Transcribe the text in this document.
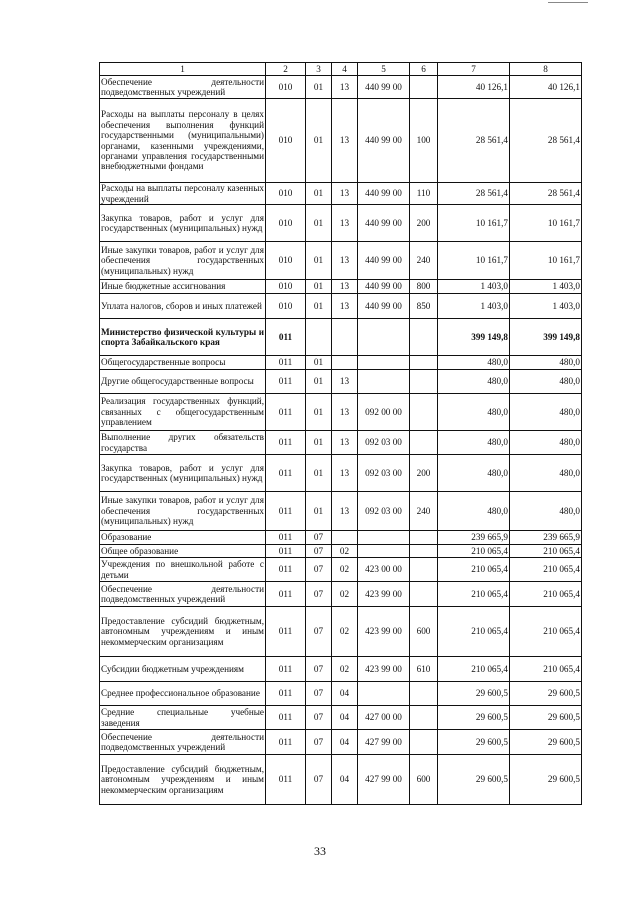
1	2	3	4	5	6	7	8
Обеспечение деятельности подведомственных учреждений	010	01	13	440 99 00		40 126,1	40 126,1
Расходы на выплаты персоналу в целях обеспечения выполнения функций государственными (муниципальными) органами, казенными учреждениями, органами управления государственными внебюджетными фондами	010	01	13	440 99 00	100	28 561,4	28 561,4
Расходы на выплаты персоналу казенных учреждений	010	01	13	440 99 00	110	28 561,4	28 561,4
Закупка товаров, работ и услуг для государственных (муниципальных) нужд	010	01	13	440 99 00	200	10 161,7	10 161,7
Иные закупки товаров, работ и услуг для обеспечения государственных (муниципальных) нужд	010	01	13	440 99 00	240	10 161,7	10 161,7
Иные бюджетные ассигнования	010	01	13	440 99 00	800	1 403,0	1 403,0
Уплата налогов, сборов и иных платежей	010	01	13	440 99 00	850	1 403,0	1 403,0
Министерство физической культуры и спорта Забайкальского края	011					399 149,8	399 149,8
Общегосударственные вопросы	011	01				480,0	480,0
Другие общегосударственные вопросы	011	01	13			480,0	480,0
Реализация государственных функций, связанных с общегосударственным управлением	011	01	13	092 00 00		480,0	480,0
Выполнение других обязательств государства	011	01	13	092 03 00		480,0	480,0
Закупка товаров, работ и услуг для государственных (муниципальных) нужд	011	01	13	092 03 00	200	480,0	480,0
Иные закупки товаров, работ и услуг для обеспечения государственных (муниципальных) нужд	011	01	13	092 03 00	240	480,0	480,0
Образование	011	07				239 665,9	239 665,9
Общее образование	011	07	02			210 065,4	210 065,4
Учреждения по внешкольной работе с детьми	011	07	02	423 00 00		210 065,4	210 065,4
Обеспечение деятельности подведомственных учреждений	011	07	02	423 99 00		210 065,4	210 065,4
Предоставление субсидий бюджетным, автономным учреждениям и иным некоммерческим организациям	011	07	02	423 99 00	600	210 065,4	210 065,4
Субсидии бюджетным учреждениям	011	07	02	423 99 00	610	210 065,4	210 065,4
Среднее профессиональное образование	011	07	04			29 600,5	29 600,5
Средние специальные учебные заведения	011	07	04	427 00 00		29 600,5	29 600,5
Обеспечение деятельности подведомственных учреждений	011	07	04	427 99 00		29 600,5	29 600,5
Предоставление субсидий бюджетным, автономным учреждениям и иным некоммерческим организациям	011	07	04	427 99 00	600	29 600,5	29 600,5
33
